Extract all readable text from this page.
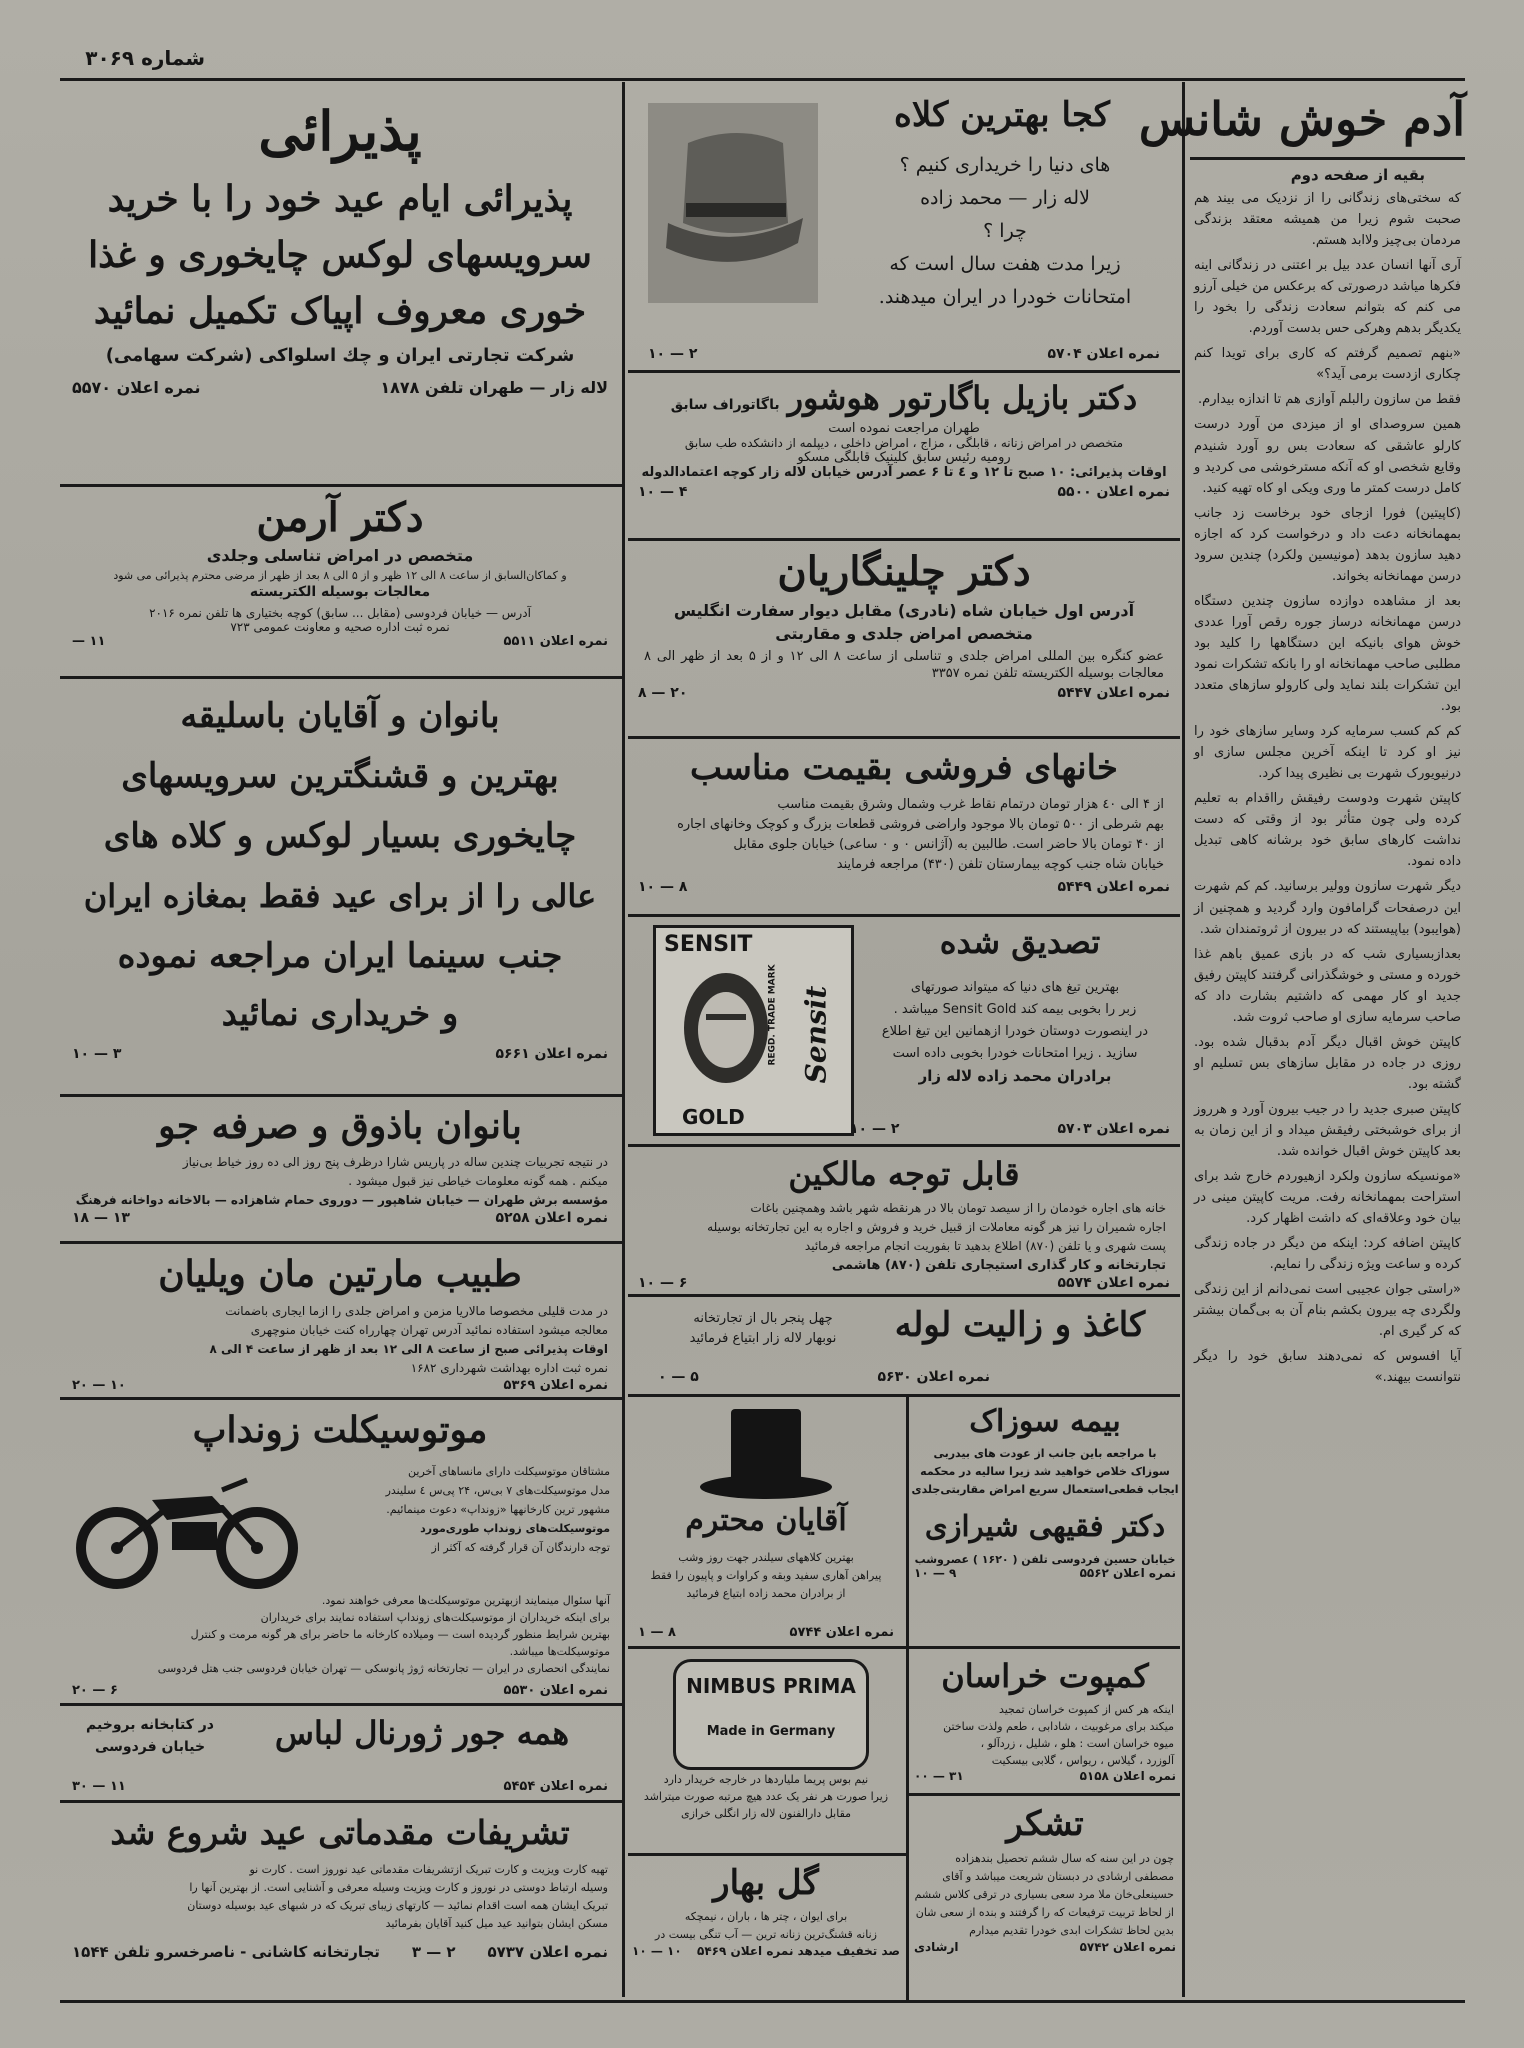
شماره ۳۰۶۹
آدم خوش شانس
بقیه از صفحه دوم

که سختی‌های زندگانی را از نزدیک می بیند هم صحبت شوم زیرا من همیشه معتقد بزندگی مردمان بی‌چیز ولاابد هستم.

آری آنها انسان عدد بیل بر اعتنی در زندگانی اینه فکرها میاشد درصورتی که برعکس من خیلی آرزو می کنم که بتوانم سعادت زندگی را بخود را یکدیگر بدهم وهرکی حس بدست آوردم.

«بنهم تصمیم گرفتم که کاری برای تویدا کنم چکاری ازدست برمی آید؟»

فقط من سازون رالبلم آوازی هم تا اندازه بیدارم.

همین سروصدای او از میزدی من آورد درست کارلو عاشقی که سعادت بس رو آورد شنیدم وقایع شخصی او که آنکه مسترخوشی می کردید و کامل درست کمتر ما وری ویکی او کاه تهیه کنید.

(کاپیتین) فورا ازجای خود برخاست زد جانب بمهمانخانه دعت داد و درخواست کرد که اجازه دهید سازون بدهد (مونیسین ولکرد) چندین سرود درسن مهمانخانه بخواند.

بعد از مشاهده دوازده سازون چندین دستگاه درسن مهمانخانه درساز جوره رقص آورا عددی خوش هوای بانیکه این دستگاهها را کلید بود مطلبی صاحب مهمانخانه او را بانکه تشکرات نمود این تشکرات بلند نماید ولی کارولو سازهای متعدد بود.

کم کم کسب سرمایه کرد وسایر سازهای خود را نیز او کرد تا اینکه آخرین مجلس سازی او درنیویورک شهرت بی نظیری پیدا کرد.

کاپیتن شهرت ودوست رفیقش رااقدام به تعلیم کرده ولی چون متأثر بود از وقتی که دست نداشت کارهای سابق خود برشانه کاهی تبدیل داده نمود.

دیگر شهرت سازون وولیر برسانید. کم کم شهرت این درصفحات گرامافون وارد گردید و همچنین از (هوایبود) بیاپیستند که در بیرون از ثروتمندان شد.

بعدازبسیاری شب که در بازی عمیق باهم غذا خورده و مستی و خوشگذرانی گرفتند کاپیتن رفیق جدید او کار مهمی که داشتیم بشارت داد که صاحب سرمایه سازی او صاحب ثروت شد.

کاپیتن خوش اقبال دیگر آدم بدقبال شده بود. روزی در جاده در مقابل سازهای بس تسلیم او گشته بود.

کاپیتن صبری جدید را در جیب بیرون آورد و هرروز از برای خوشبختی رفیقش میداد و از این زمان به بعد کاپیتن خوش اقبال خوانده شد.

«مونسیکه سازون ولکرد ازهیوردم خارج شد برای استراحت بمهمانخانه رفت. مریت کاپیتن مینی در بیان خود وعلاقه‌ای که داشت اظهار کرد.

کاپیتن اضافه کرد: اینکه من دیگر در جاده زندگی کرده و ساعت ویژه زندگی را نمایم.

«راستی جوان عجیبی است نمی‌دانم از این زندگی ولگردی چه بیرون بکشم بنام آن به بی‌گمان بیشتر که کر گیری ام.

آیا افسوس که نمی‌دهند سابق خود را دیگر نتوانست بیهند.»

کجا بهترین کلاه
های دنیا را خریداری کنیم ؟
لاله زار — محمد زاده
چرا ؟
زیرا مدت هفت سال است که
امتحانات خودرا در ایران میدهند.
نمره اعلان ۵۷۰۴
۲ — ۱۰
دکتر بازیل باگارتور هوشور
باگاتوراف سابق
طهران مراجعت نموده است
متخصص در امراض زنانه ، قابلگی ، مزاج ، امراض داخلی ، دیپلمه از دانشکده طب سابق
رومیه رئیس سابق کلینیک قابلگی مسکو
اوقات پذیرائی: ۱۰ صبح تا ۱۲ و ٤ تا ۶ عصر آدرس خیابان لاله زار کوچه اعتمادالدوله
نمره اعلان ۵۵۰۰
۴ — ۱۰
دکتر چلینگاریان
آدرس اول خیابان شاه (نادری) مقابل دیوار سفارت انگلیس
متخصص امراض جلدی و مقاربتی
عضو کنگره بین المللی امراض جلدی و تناسلی از ساعت ۸ الی ۱۲ و از ۵ بعد از ظهر الی ۸ معالجات بوسیله الکتریسته تلفن نمره ۳۳۵۷
نمره اعلان ۵۴۴۷
۲۰ — ۸
خانهای فروشی بقیمت مناسب
از ۴ الی ٤٠ هزار تومان درتمام نقاط غرب وشمال وشرق بقیمت مناسب
بهم شرطی از ۵۰۰ تومان بالا موجود واراضی فروشی قطعات بزرگ و کوچک وخانهای اجاره
از ۴۰ تومان بالا حاضر است. طالبین به (آژانس ۰ و ۰ ساعی) خیابان جلوی مقابل
خیابان شاه جنب کوچه بیمارستان تلفن (۴۳۰) مراجعه فرمایند
نمره اعلان ۵۴۴۹
۸ — ۱۰
SENSIT
GOLD
Sensit
REGD. TRADE MARK
تصدیق شده
بهترین تیغ های دنیا که میتواند صورتهای
زبر را بخوبی بیمه کند Sensit Gold میباشد .
در اینصورت دوستان خودرا ازهمانین این تیغ اطلاع
سازید . زیرا امتحانات خودرا بخوبی داده است
برادران محمد زاده لاله زار
نمره اعلان ۵۷۰۳
۲ — ۱۰
قابل توجه مالکین
خانه های اجاره خودمان را از سیصد تومان بالا در هرنقطه شهر باشد وهمچنین باغات
اجاره شمیران را نیز هر گونه معاملات از قبیل خرید و فروش و اجاره به این تجارتخانه بوسیله
پست شهری و یا تلفن (۸۷۰) اطلاع بدهید تا بفوریت انجام مراجعه فرمائید
تجارتخانه و کار گذاری استیجاری تلفن (۸۷۰) هاشمی
نمره اعلان ۵۵۷۴
۶ — ۱۰
کاغذ و زالیت لوله
چهل پنجر بال از تجارتخانه
نوبهار لاله زار ابتیاع فرمائید
نمره اعلان ۵۶۳۰
۵ — ۰
آقایان محترم
بهترین کلاههای سیلندر جهت روز وشب
پیراهن آهاری سفید وبقه و کراوات و پاپیون را فقط
از برادران محمد زاده ابتیاع فرمائید
نمره اعلان ۵۷۴۴
۸ — ۱
NIMBUS PRIMA
Made in Germany
نیم بوس پریما ملیاردها در خارجه خریدار دارد
زیرا صورت هر نفر یک عدد هیچ مرتبه صورت میتراشد
مقابل دارالفنون لاله زار انگلی خرازی
گل بهار
برای ایوان ، چتر ها ، باران ، نیمچکه
زنانه قشنگ‌ترین زنانه ترین — آب تنگی بیست در
صد تخفیف میدهد نمره اعلان ۵۴۶۹
۱۰ — ۱۰
بیمه سوزاک
با مراجعه باین جانب از عودت های بیدربی
سوزاک خلاص خواهید شد زیرا سالیه در محکمه
ایجاب قطعی‌استعمال سریع امراض مقاربتی‌جلدی
دکتر فقیهی شیرازی
خیابان حسین فردوسی تلفن ( ۱۶۲۰ ) عصروشب
نمره اعلان ۵۵۶۲
۹ — ۱۰
کمپوت خراسان
اینکه هر کس از کمپوت خراسان تمجید
میکند برای مرغوبیت ، شادابی ، طعم ولذت ساختن
میوه خراسان است : هلو ، شلیل ، زردآلو ،
آلوزرد ، گیلاس ، ریواس ، گلابی بیسکیت
نمره اعلان ۵۱۵۸
۳۱ — ۰۰
تشکر
چون در این سنه که سال ششم تحصیل بندهزاده
مصطفی ارشادی در دبستان شریعت میباشد و آقای
حسینعلی‌خان ملا مرد سعی بسیاری در ترقی کلاس ششم
از لحاظ تربیت ترفیعات که را گرفتند و بنده از سعی شان
بدین لحاظ تشکرات ابدی خودرا تقدیم میدارم
نمره اعلان ۵۷۴۲
ارشادی
پذیرائی
پذیرائی ایام عید خود را با خرید
سرویسهای لوکس چایخوری و غذا
خوری معروف اپیاک تکمیل نمائید
شرکت تجارتی ایران و چك اسلواکی (شرکت سهامی)
لاله زار — طهران تلفن ۱۸۷۸
نمره اعلان ۵۵۷۰
دکتر آرمن
متخصص در امراض تناسلی وجلدی
و کماکان‌السابق از ساعت ۸ الی ۱۲ ظهر و از ۵ الی ۸ بعد از ظهر از مرضی محترم پذیرائی می شود
معالجات بوسیله الکتریسته
آدرس — خیابان فردوسی (مقابل ... سابق) کوچه بختیاری ها تلفن نمره ۲۰۱۶
نمره ثبت اداره صحیه و معاونت عمومی ۷۲۳
نمره اعلان ۵۵۱۱
۱۱ —
بانوان و آقایان باسلیقه
بهترین و قشنگترین سرویسهای
چایخوری بسیار لوکس و کلاه های
عالی را از برای عید فقط بمغازه ایران
جنب سینما ایران مراجعه نموده
و خریداری نمائید
نمره اعلان ۵۶۶۱
۳ — ۱۰
بانوان باذوق و صرفه جو
در نتیجه تجربیات چندین ساله در پاریس شارا درظرف پنج روز الی ده روز خیاط بی‌نیاز
میکنم . همه گونه معلومات خیاطی نیز قبول میشود .
مؤسسه برش طهران — خیابان شاهپور — دوروی حمام شاهزاده — بالاخانه دواخانه فرهنگ
نمره اعلان ۵۲۵۸
۱۳ — ۱۸
طبیب مارتین مان ویلیان
در مدت قلیلی مخصوصا مالاریا مزمن و امراض جلدی را ازما ایجاری باضمانت
معالجه میشود استفاده نمائید آدرس تهران چهارراه کنت خیابان منوچهری
اوقات پذیرائی صبح از ساعت ۸ الی ۱۲ بعد از ظهر از ساعت ۴ الی ۸
نمره ثبت اداره بهداشت شهرداری ۱۶۸۲
نمره اعلان ۵۳۶۹
۱۰ — ۲۰
موتوسیکلت زونداپ
مشتاقان موتوسیکلت دارای مانساهای آخرین
مدل موتوسیکلت‌های ۷ بی‌س، ۲۴ پی‌س ٤ سلیندر
مشهور ترین کارخانهها «زونداپ» دعوت مینمائیم.
موتوسیکلت‌های زونداپ طوری‌مورد
توجه دارندگان آن قرار گرفته که آکثر از
آنها سئوال مینمایند ازبهترین موتوسیکلت‌ها معرفی خواهند نمود.
برای اینکه خریداران از موتوسیکلت‌های زونداپ استفاده نمایند برای خریداران
بهترین شرایط منظور گردیده است — ومیلاده کارخانه ما حاضر برای هر گونه مرمت و کنترل
موتوسیکلت‌ها میباشد.
نمایندگی انحصاری در ایران — تجارتخانه ژوژ پانوسکی — تهران خیابان فردوسی جنب هتل فردوسی
نمره اعلان ۵۵۳۰
۶ — ۲۰
همه جور ژورنال لباس
در کتابخانه بروخیم
خیابان فردوسی
نمره اعلان ۵۴۵۴
۱۱ — ۳۰
تشریفات مقدماتی عید شروع شد
تهیه کارت ویزیت و کارت تبریک ازتشریفات مقدماتی عید نوروز است . کارت نو
وسیله ارتباط دوستی در نوروز و کارت ویزیت وسیله معرفی و آشنایی است. از بهترین آنها را
تبریک ایشان همه است اقدام نمائید — کارتهای زیبای تبریک که در شبهای عید بوسیله دوستان
مسکن ایشان بتوانید عید میل کنید آقایان بفرمائید
نمره اعلان ۵۷۳۷
۲ — ۳
تجارتخانه کاشانی - ناصرخسرو تلفن ۱۵۴۴
